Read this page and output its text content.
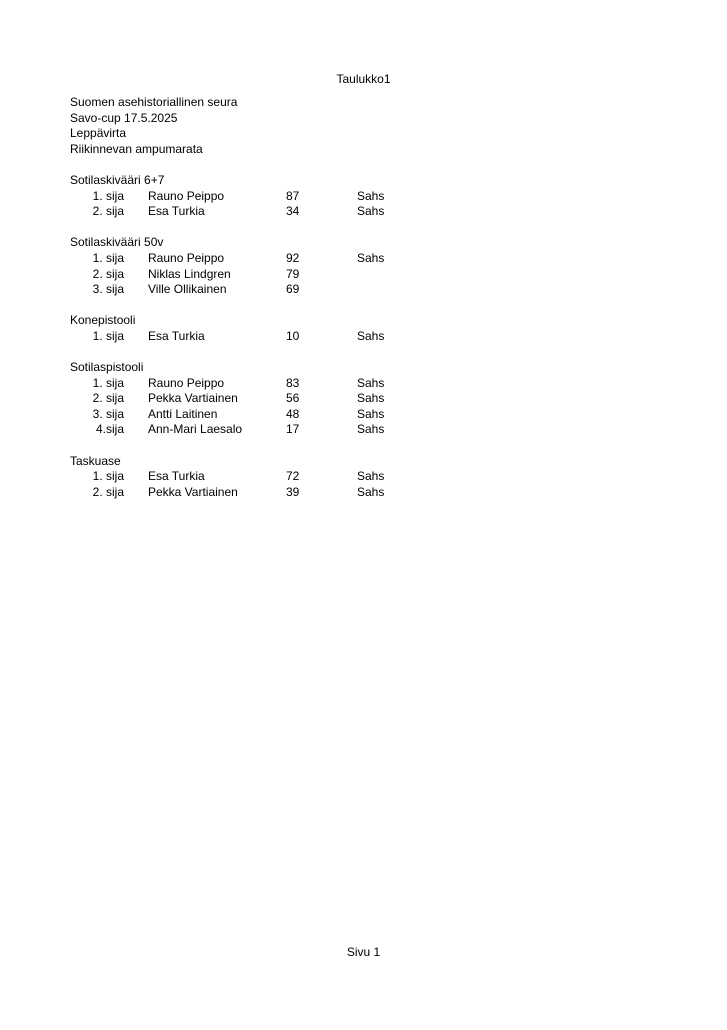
Taulukko1
Suomen asehistoriallinen seura
Savo-cup 17.5.2025
Leppävirta
Riikinnevan ampumarata
Sotilaskivääri 6+7
1. sija Rauno Peippo	87	Sahs
2. sija Esa Turkia	34	Sahs
Sotilaskivääri 50v
1. sija Rauno Peippo	92	Sahs
2. sija Niklas Lindgren	79
3. sija Ville Ollikainen	69
Konepistooli
1. sija Esa Turkia	10	Sahs
Sotilaspistooli
1. sija Rauno Peippo	83	Sahs
2. sija Pekka Vartiainen	56	Sahs
3. sija Antti Laitinen	48	Sahs
4.sija Ann-Mari Laesalo	17	Sahs
Taskuase
1. sija Esa Turkia	72	Sahs
2. sija Pekka Vartiainen	39	Sahs
Sivu 1
